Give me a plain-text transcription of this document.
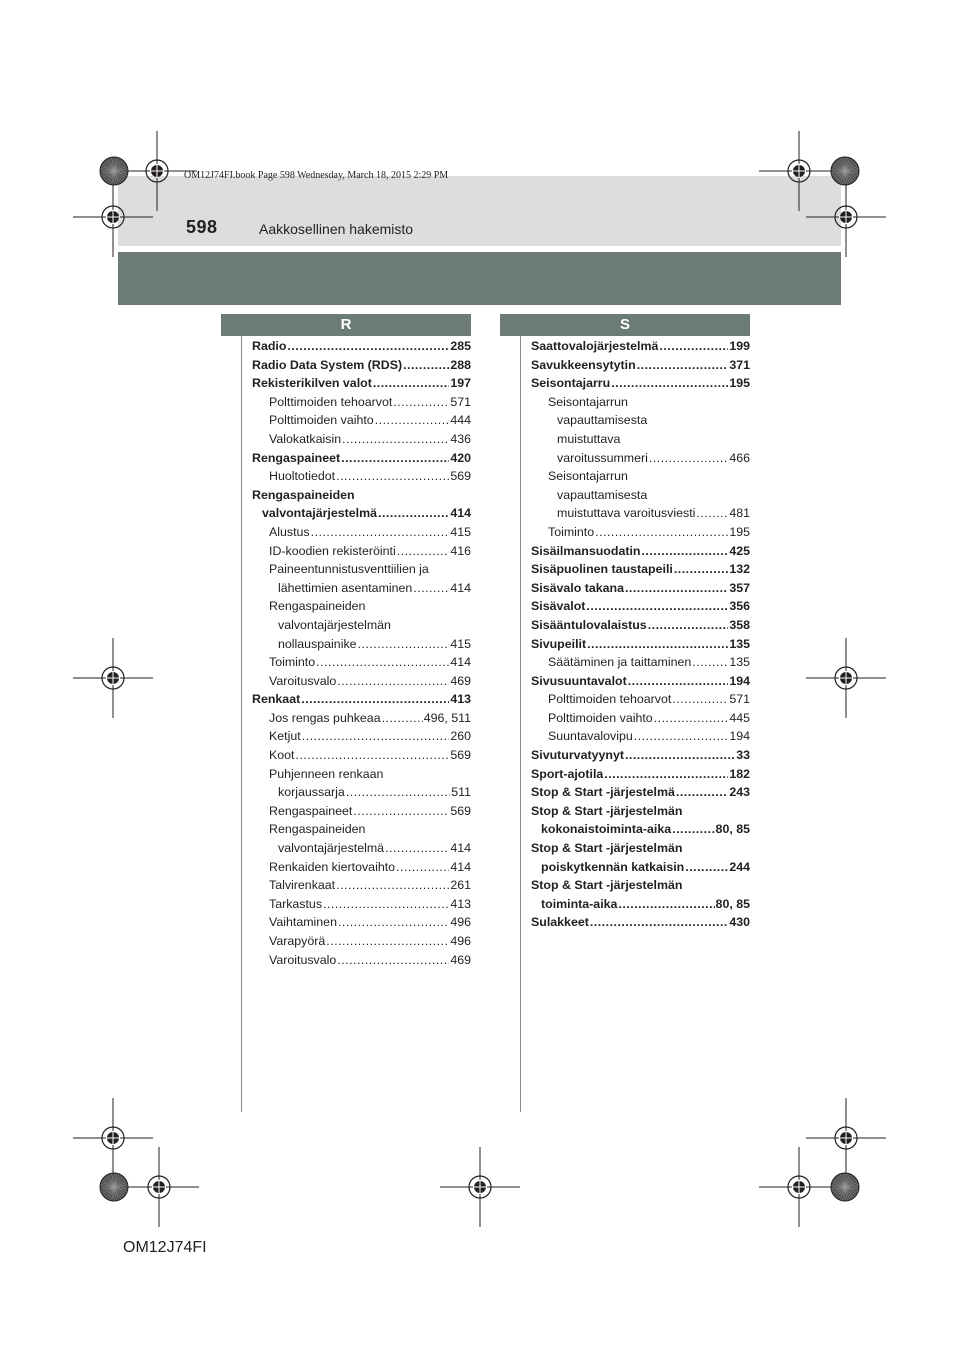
OM12J74FI.book Page 598 Wednesday, March 18, 2015 2:29 PM
598	Aakkosellinen hakemisto
R	S
Radio .....	285
Radio Data System (RDS) .....	288
Rekisterikilven valot .....	197
Polttimoiden tehoarvot .....	571
Polttimoiden vaihto .....	444
Valokatkaisin .....	436
Rengaspaineet .....	420
Huoltotiedot .....	569
Rengaspaineiden
valvontajärjestelmä .....	414
Alustus .....	415
ID-koodien rekisteröinti .....	416
Paineentunnistusventtiilien ja
lähettimien asentaminen .....	414
Rengaspaineiden
valvontajärjestelmän
nollauspainike .....	415
Toiminto .....	414
Varoitusvalo .....	469
Renkaat .....	413
Jos rengas puhkeaa .....	496, 511
Ketjut .....	260
Koot .....	569
Puhjenneen renkaan
korjaussarja .....	511
Rengaspaineet .....	569
Rengaspaineiden
valvontajärjestelmä .....	414
Renkaiden kiertovaihto .....	414
Talvirenkaat .....	261
Tarkastus .....	413
Vaihtaminen .....	496
Varapyörä .....	496
Varoitusvalo .....	469
Saattovalojärjestelmä .....	199
Savukkeensytytin .....	371
Seisontajarru .....	195
Seisontajarrun
vapauttamisesta
muistuttava
varoitussummeri .....	466
Seisontajarrun
vapauttamisesta
muistuttava varoitusviesti .....	481
Toiminto .....	195
Sisäilmansuodatin .....	425
Sisäpuolinen taustapeili .....	132
Sisävalo takana .....	357
Sisävalot .....	356
Sisääntulovalaistus .....	358
Sivupeilit .....	135
Säätäminen ja taittaminen .....	135
Sivusuuntavalot .....	194
Polttimoiden tehoarvot .....	571
Polttimoiden vaihto .....	445
Suuntavalovipu .....	194
Sivuturvatyynyt .....	33
Sport-ajotila .....	182
Stop & Start -järjestelmä .....	243
Stop & Start -järjestelmän
kokonaistoiminta-aika .....	80, 85
Stop & Start -järjestelmän
poiskytkennän katkaisin .....	244
Stop & Start -järjestelmän
toiminta-aika .....	80, 85
Sulakkeet .....	430
OM12J74FI
